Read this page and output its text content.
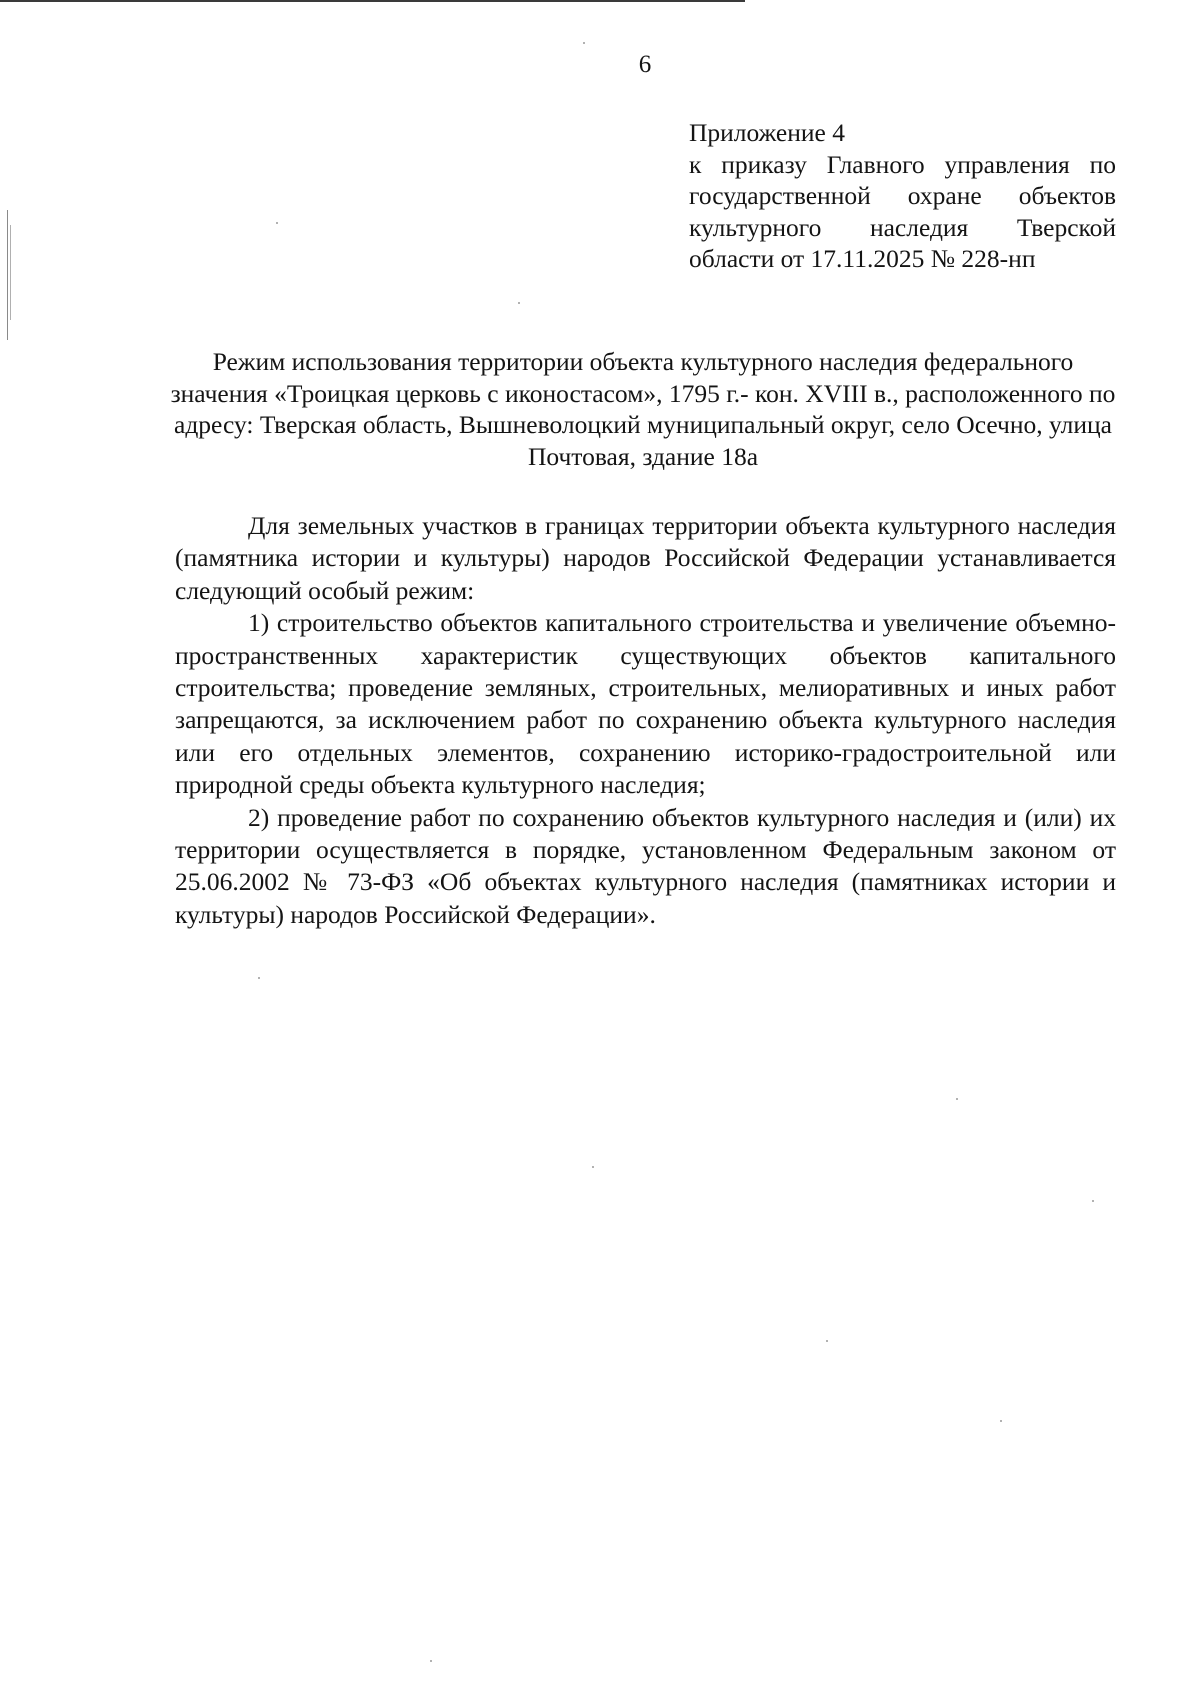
6
Приложение 4
к приказу Главного управления по государственной охране объектов культурного наследия Тверской области от 17.11.2025 № 228-нп
Режим использования территории объекта культурного наследия федерального значения «Троицкая церковь с иконостасом», 1795 г.- кон. XVIII в., расположенного по адресу: Тверская область, Вышневолоцкий муниципальный округ, село Осечно, улица Почтовая, здание 18а

Для земельных участков в границах территории объекта культурного наследия (памятника истории и культуры) народов Российской Федерации устанавливается следующий особый режим:

1) строительство объектов капитального строительства и увеличение объемно-пространственных характеристик существующих объектов капитального строительства; проведение земляных, строительных, мелиоративных и иных работ запрещаются, за исключением работ по сохранению объекта культурного наследия или его отдельных элементов, сохранению историко-градостроительной или природной среды объекта культурного наследия;

2) проведение работ по сохранению объектов культурного наследия и (или) их территории осуществляется в порядке, установленном Федеральным законом от 25.06.2002 № 73-ФЗ «Об объектах культурного наследия (памятниках истории и культуры) народов Российской Федерации».
